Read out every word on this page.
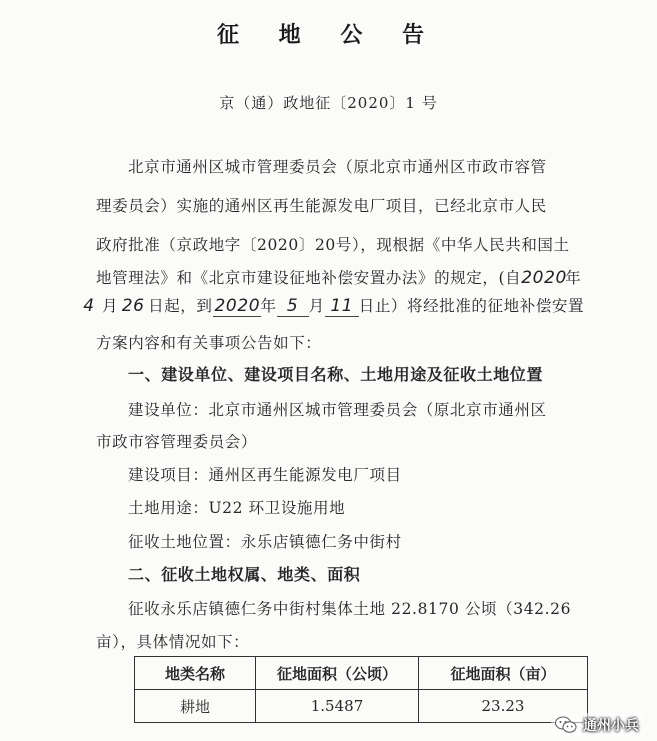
征 地 公 告
京（通）政地征〔2020〕1 号
北京市通州区城市管理委员会（原北京市通州区市政市容管
理委员会）实施的通州区再生能源发电厂项目，已经北京市人民
政府批准（京政地字〔2020〕20号），现根据《中华人民共和国土
地管理法》和《北京市建设征地补偿安置办法》的规定，(自2020年
4 月 26 日起，到 2020年 5 月 11 日止）将经批准的征地补偿安置
方案内容和有关事项公告如下：
一、建设单位、建设项目名称、土地用途及征收土地位置
建设单位：北京市通州区城市管理委员会（原北京市通州区
市政市容管理委员会）
建设项目：通州区再生能源发电厂项目
土地用途：U22 环卫设施用地
征收土地位置：永乐店镇德仁务中街村
二、征收土地权属、地类、面积
征收永乐店镇德仁务中街村集体土地 22.8170 公顷（342.26
亩），具体情况如下：
地类名称	征地面积（公顷）	征地面积（亩）
耕地	1.5487	23.23
通州小兵
